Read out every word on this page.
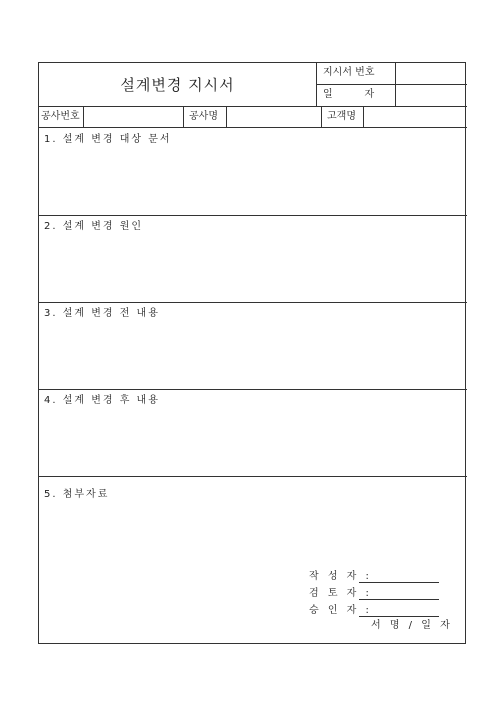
설계변경 지시서
지시서 번호
일          자
공사번호	공사명	고객명
1. 설계 변경 대상 문서
2. 설계 변경 원인
3. 설계 변경 전 내용
4. 설계 변경 후 내용
5. 첨부자료
작 성 자 :
검 토 자 :
승 인 자 :
서 명 / 일 자
